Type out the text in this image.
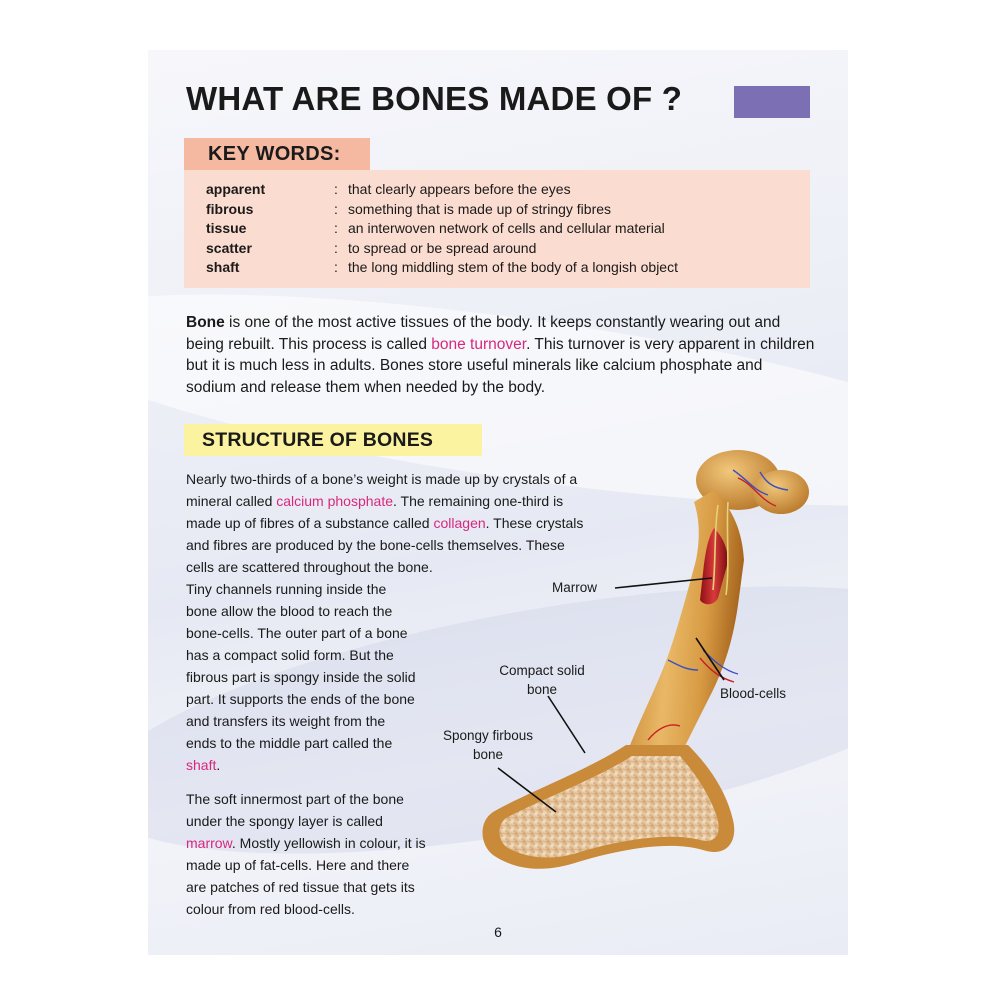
WHAT ARE BONES MADE OF ?
KEY WORDS:
apparent	: that clearly appears before the eyes
fibrous	: something that is made up of stringy fibres
tissue	: an interwoven network of cells and cellular material
scatter	: to spread or be spread around
shaft	: the long middling stem of the body of a longish object

Bone is one of the most active tissues of the body. It keeps constantly wearing out and being rebuilt. This process is called bone turnover. This turnover is very apparent in children but it is much less in adults. Bones store useful minerals like calcium phosphate and sodium and release them when needed by the body.

STRUCTURE OF BONES

Nearly two-thirds of a bone’s weight is made up by crystals of a mineral called calcium phosphate. The remaining one-third is made up of fibres of a substance called collagen. These crystals and fibres are produced by the bone-cells themselves. These cells are scattered throughout the bone.

Tiny channels running inside the bone allow the blood to reach the bone-cells. The outer part of a bone has a compact solid form. But the fibrous part is spongy inside the solid part. It supports the ends of the bone and transfers its weight from the ends to the middle part called the shaft.

The soft innermost part of the bone under the spongy layer is called marrow. Mostly yellowish in colour, it is made up of fat-cells. Here and there are patches of red tissue that gets its colour from red blood-cells.

Marrow
Compact solid
bone	Blood-cells
Spongy firbous
bone
6
